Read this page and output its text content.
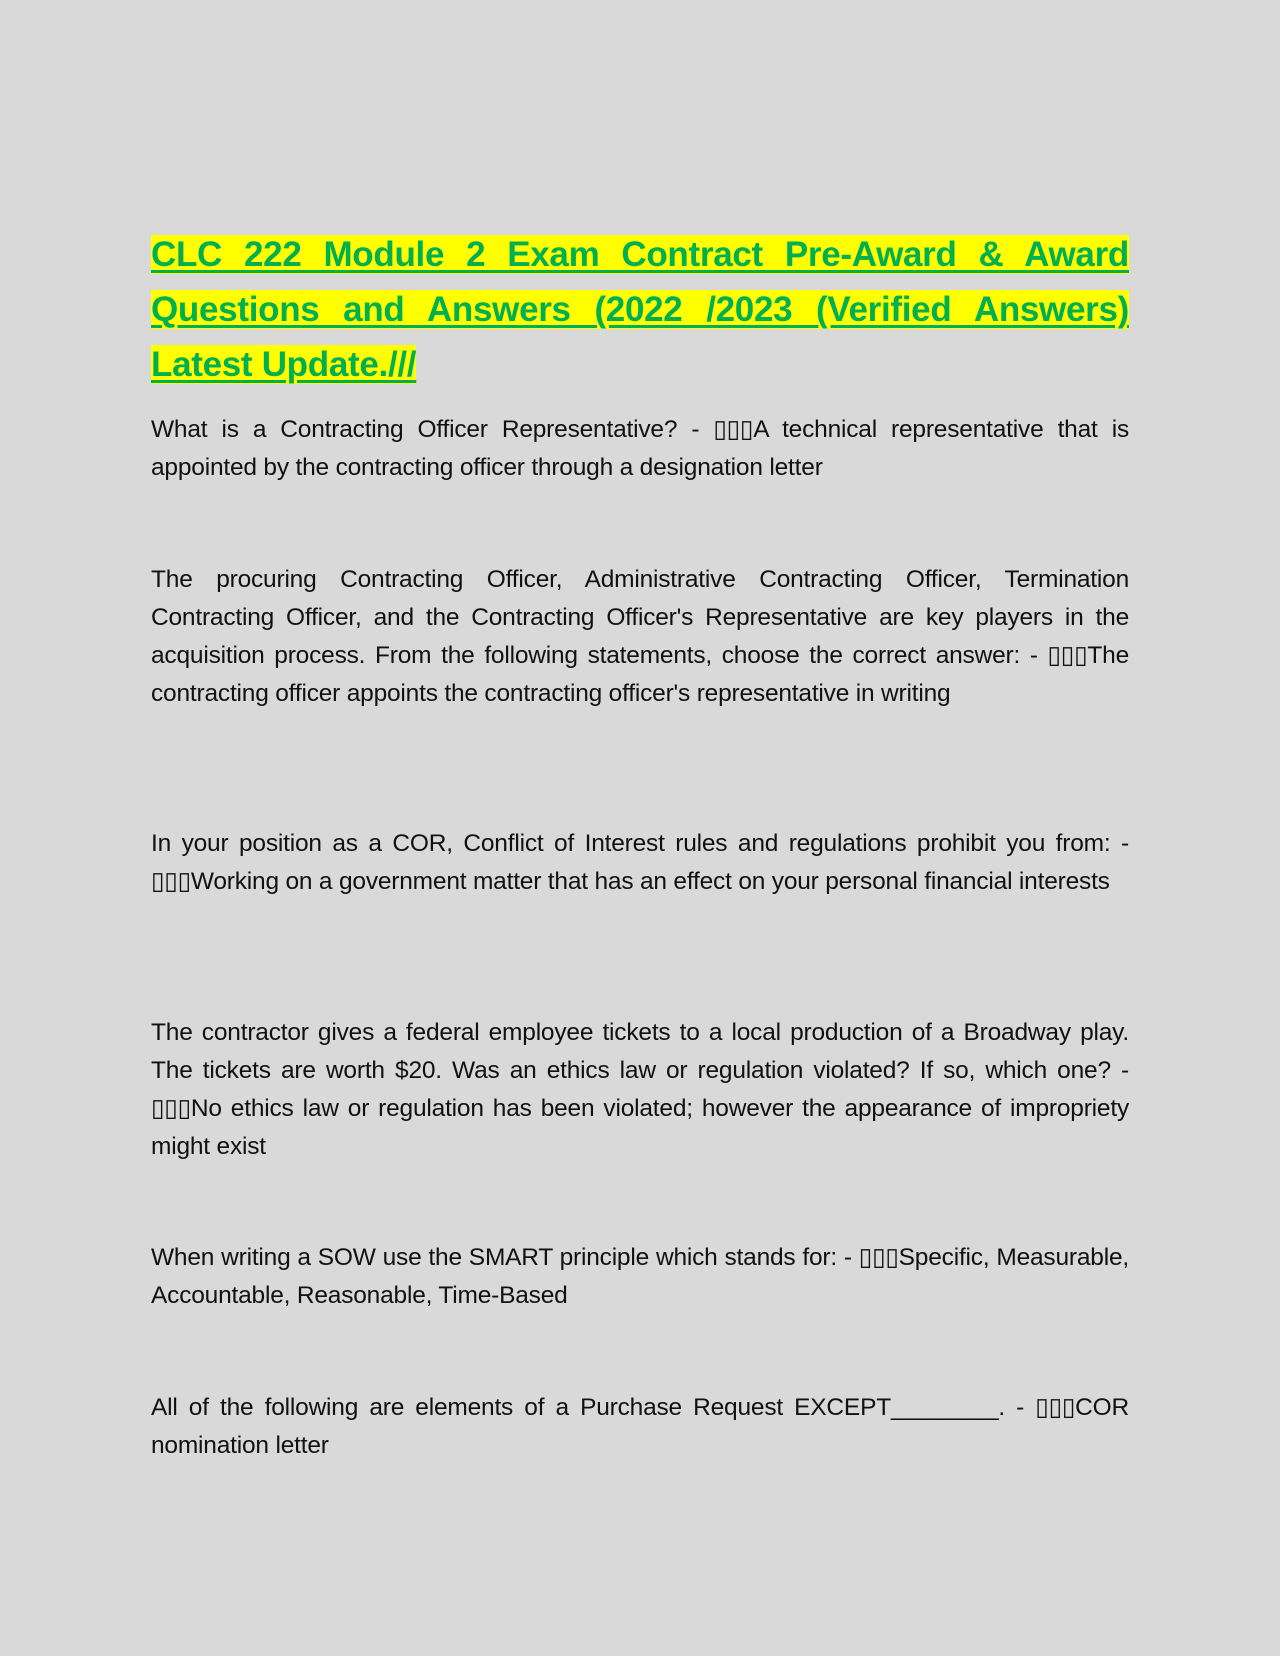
CLC 222 Module 2 Exam Contract Pre-Award & Award Questions and Answers (2022 /2023 (Verified Answers) Latest Update.///

What is a Contracting Officer Representative? - ▯▯▯A technical representative that is appointed by the contracting officer through a designation letter

The procuring Contracting Officer, Administrative Contracting Officer, Termination Contracting Officer, and the Contracting Officer's Representative are key players in the acquisition process. From the following statements, choose the correct answer: - ▯▯▯The contracting officer appoints the contracting officer's representative in writing

In your position as a COR, Conflict of Interest rules and regulations prohibit you from: - ▯▯▯Working on a government matter that has an effect on your personal financial interests

The contractor gives a federal employee tickets to a local production of a Broadway play. The tickets are worth $20. Was an ethics law or regulation violated? If so, which one? - ▯▯▯No ethics law or regulation has been violated; however the appearance of impropriety might exist

When writing a SOW use the SMART principle which stands for: - ▯▯▯Specific, Measurable, Accountable, Reasonable, Time-Based

All of the following are elements of a Purchase Request EXCEPT________. - ▯▯▯COR nomination letter
